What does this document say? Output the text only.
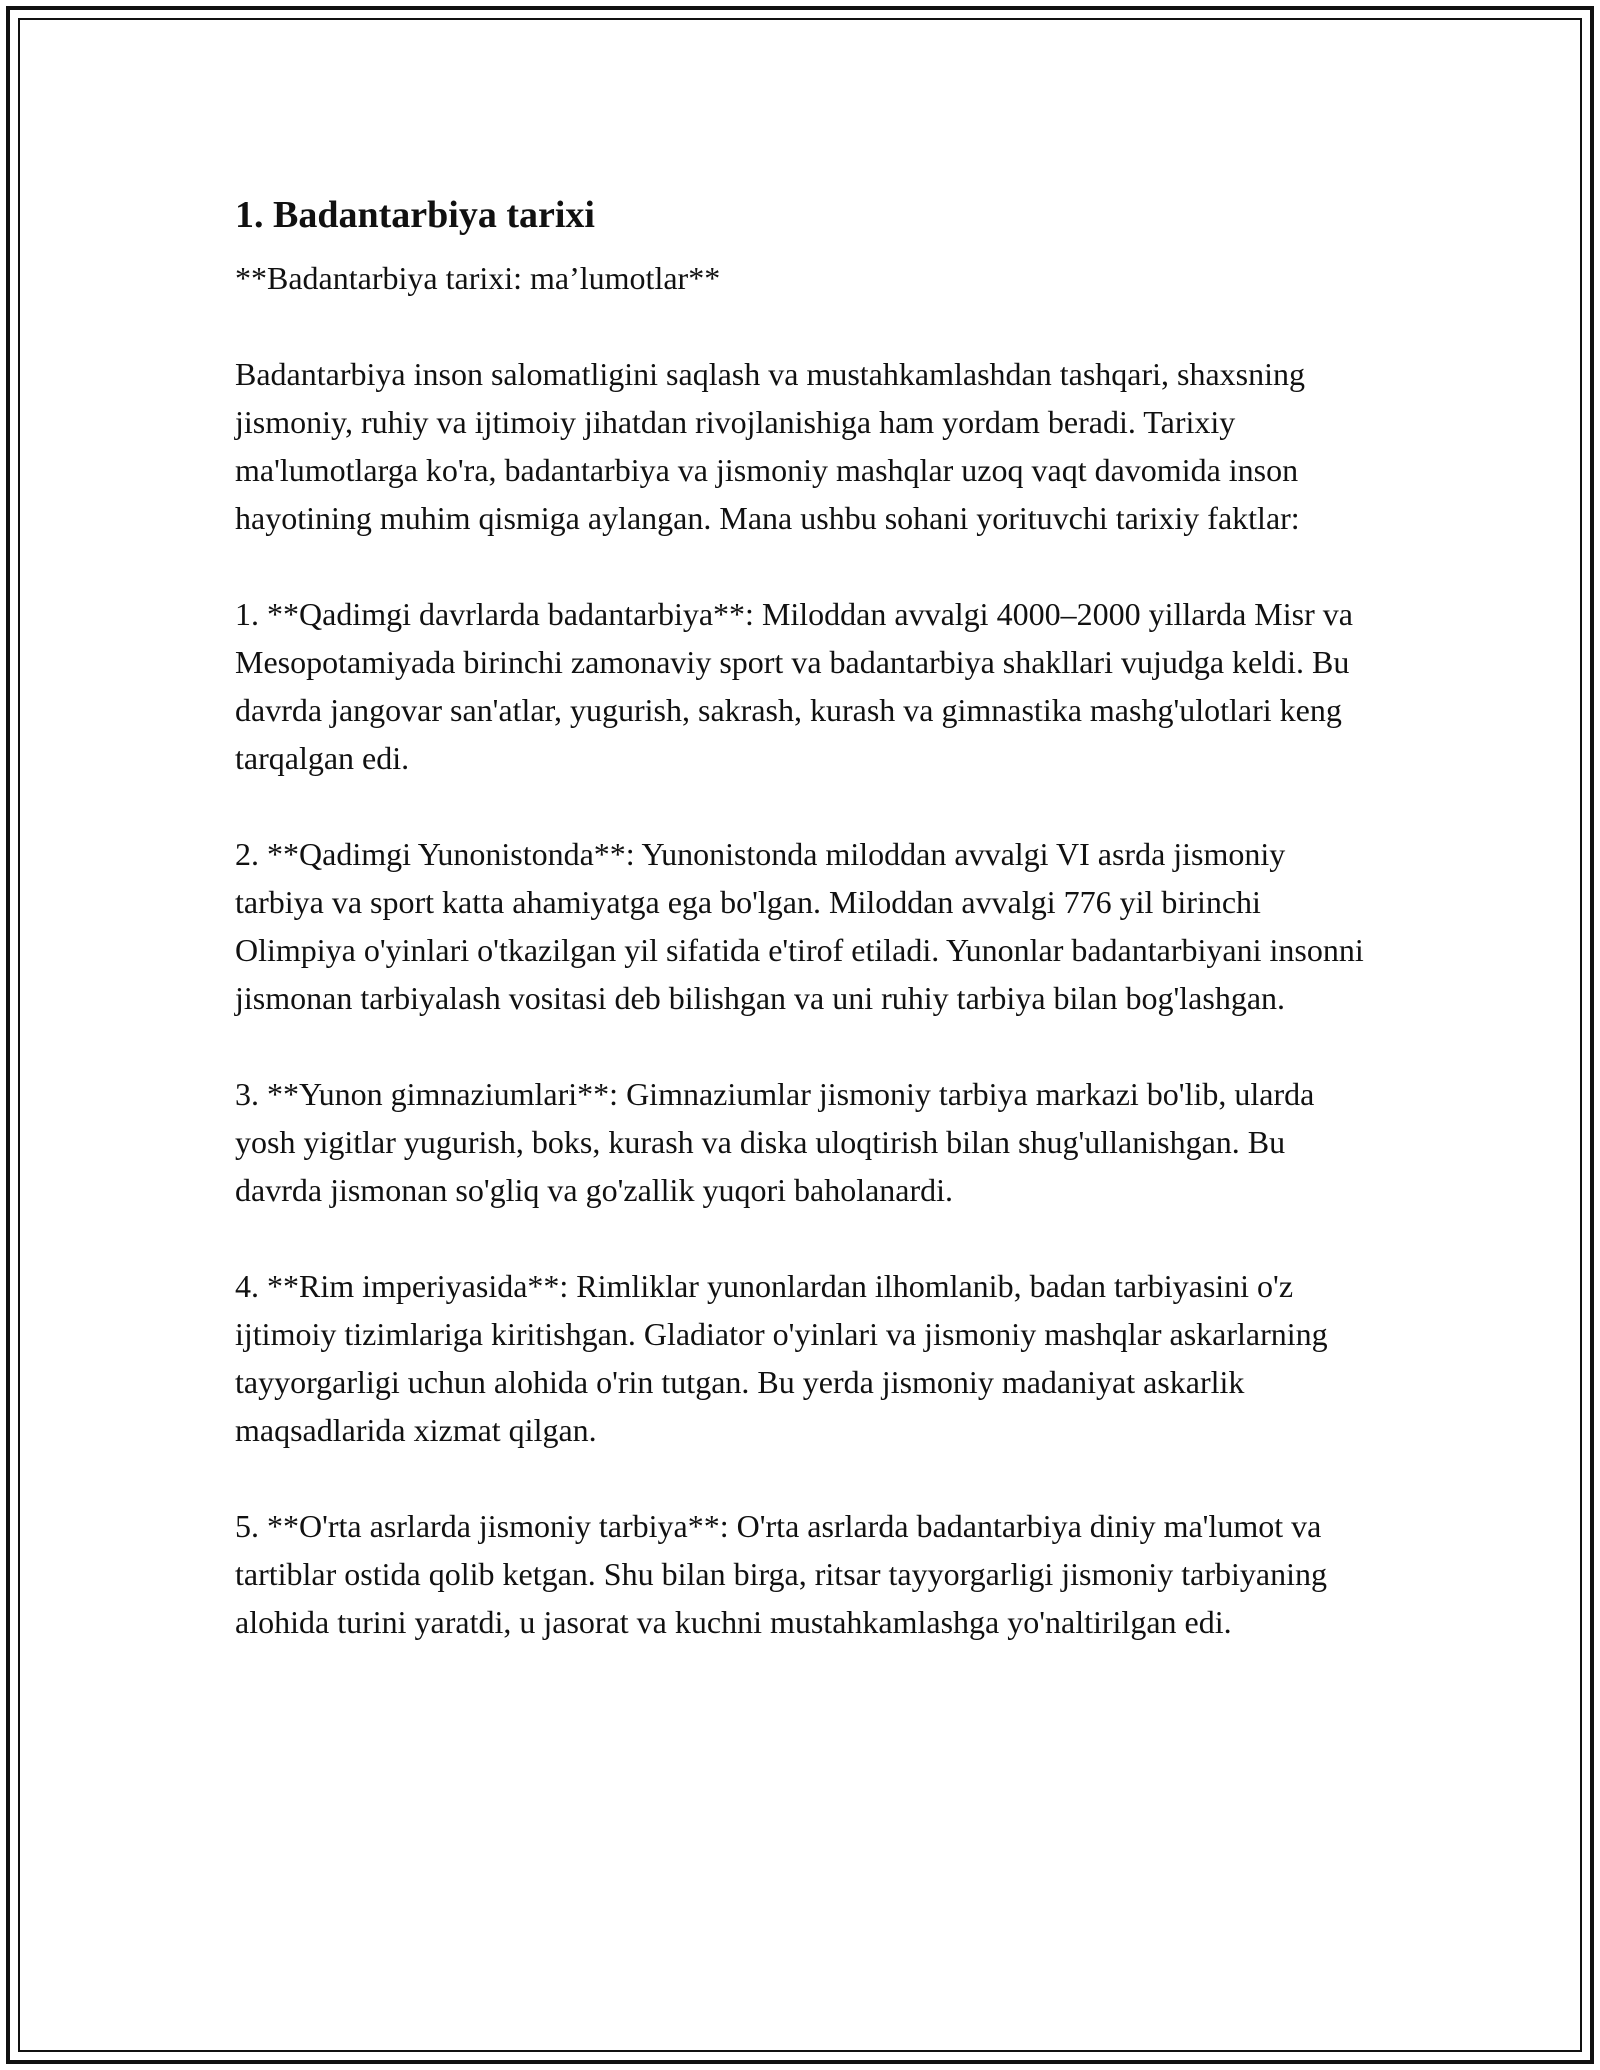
1. Badantarbiya tarixi
**Badantarbiya tarixi: ma’lumotlar**
Badantarbiya inson salomatligini saqlash va mustahkamlashdan tashqari, shaxsning jismoniy, ruhiy va ijtimoiy jihatdan rivojlanishiga ham yordam beradi. Tarixiy ma'lumotlarga ko'ra, badantarbiya va jismoniy mashqlar uzoq vaqt davomida inson hayotining muhim qismiga aylangan. Mana ushbu sohani yorituvchi tarixiy faktlar:
1. **Qadimgi davrlarda badantarbiya**: Miloddan avvalgi 4000–2000 yillarda Misr va Mesopotamiyada birinchi zamonaviy sport va badantarbiya shakllari vujudga keldi. Bu davrda jangovar san'atlar, yugurish, sakrash, kurash va gimnastika mashg'ulotlari keng tarqalgan edi.
2. **Qadimgi Yunonistonda**: Yunonistonda miloddan avvalgi VI asrda jismoniy tarbiya va sport katta ahamiyatga ega bo'lgan. Miloddan avvalgi 776 yil birinchi Olimpiya o'yinlari o'tkazilgan yil sifatida e'tirof etiladi. Yunonlar badantarbiyani insonni jismonan tarbiyalash vositasi deb bilishgan va uni ruhiy tarbiya bilan bog'lashgan.
3. **Yunon gimnaziumlari**: Gimnaziumlar jismoniy tarbiya markazi bo'lib, ularda yosh yigitlar yugurish, boks, kurash va diska uloqtirish bilan shug'ullanishgan. Bu davrda jismonan so'gliq va go'zallik yuqori baholanardi.
4. **Rim imperiyasida**: Rimliklar yunonlardan ilhomlanib, badan tarbiyasini o'z ijtimoiy tizimlariga kiritishgan. Gladiator o'yinlari va jismoniy mashqlar askarlarning tayyorgarligi uchun alohida o'rin tutgan. Bu yerda jismoniy madaniyat askarlik maqsadlarida xizmat qilgan.
5. **O'rta asrlarda jismoniy tarbiya**: O'rta asrlarda badantarbiya diniy ma'lumot va tartiblar ostida qolib ketgan. Shu bilan birga, ritsar tayyorgarligi jismoniy tarbiyaning alohida turini yaratdi, u jasorat va kuchni mustahkamlashga yo'naltirilgan edi.
